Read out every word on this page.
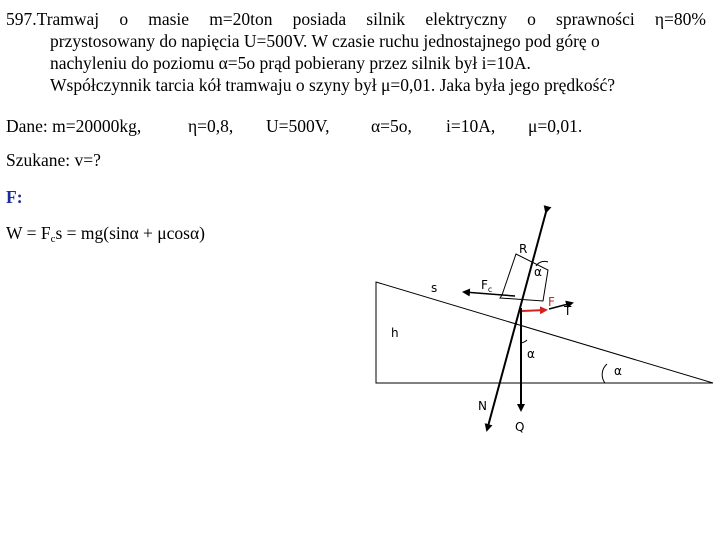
597.Tramwaj o masie m=20ton posiada silnik elektryczny o sprawności η=80%
przystosowany do napięcia U=500V. W czasie ruchu jednostajnego pod górę o
nachyleniu do poziomu α=5o prąd pobierany przez silnik był i=10A.
Współczynnik tarcia kół tramwaju o szyny był μ=0,01. Jaka była jego prędkość?
Dane: m=20000kg,	η=0,8, U=500V, α=5o, i=10A, μ=0,01.
Szukane: v=?
F:
$W = F_cs = mg(\sin\alpha + \mu\cos\alpha)$
R
s	$F_c$
α
F
T
h
α
α
N
Q
